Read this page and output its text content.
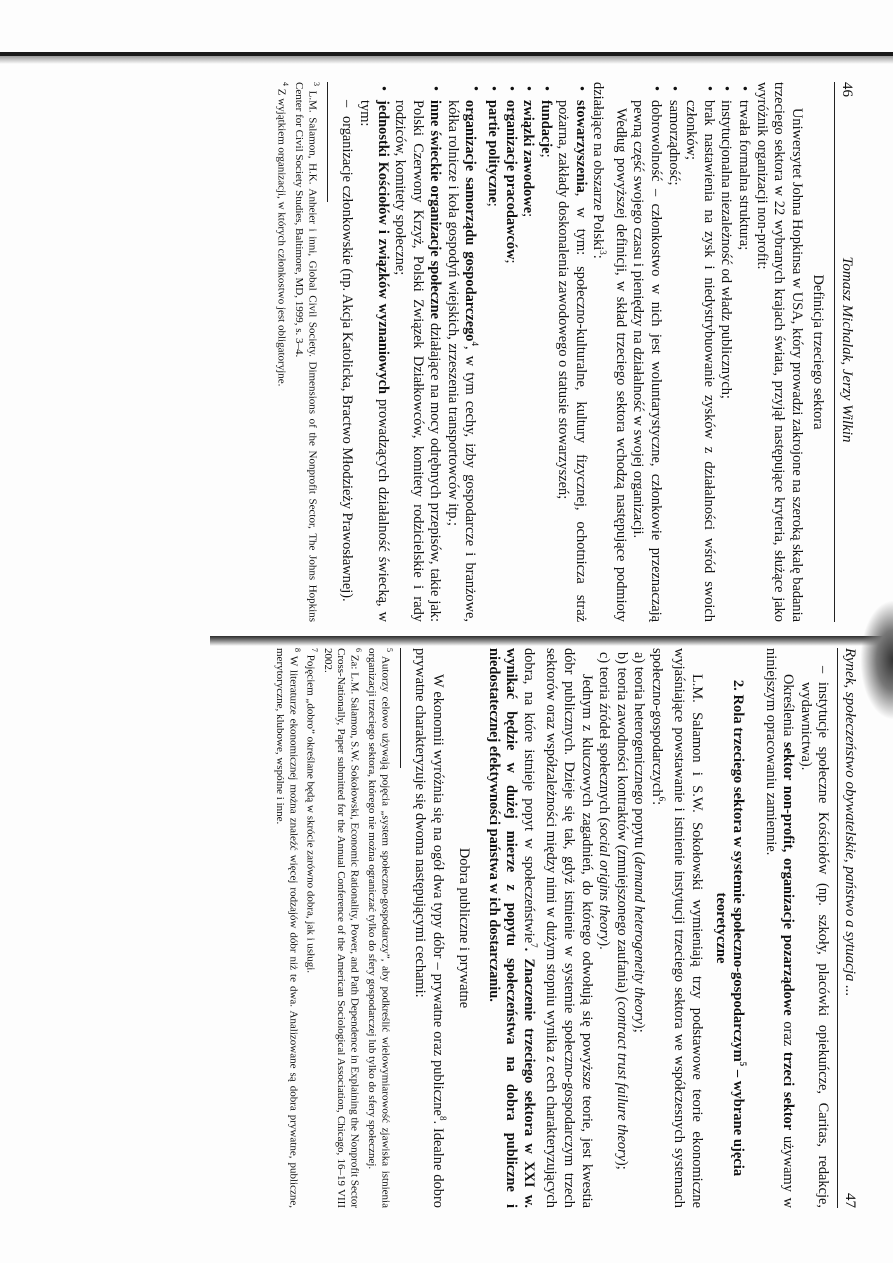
46
Tomasz Michalak, Jerzy Wilkin
Definicja trzeciego sektora

Uniwersytet Johna Hopkinsa w USA, który prowadzi zakrojone na szeroką skalę badania trzeciego sektora w 22 wybranych krajach świata, przyjął następujące kryteria, służące jako wyróżnik organizacji non-profit:

• trwała formalna struktura;
• instytucjonalna niezależność od władz publicznych;
• brak nastawienia na zysk i niedystrybuowanie zysków z działalności wśród swoich członków;
• samorządność;
• dobrowolność – członkostwo w nich jest woluntarystyczne, członkowie przeznaczają pewną część swojego czasu i pieniędzy na działalność w swojej organizacji.

Według powyższej definicji, w skład trzeciego sektora wchodzą następujące podmioty działające na obszarze Polski$^3$:

• stowarzyszenia, w tym: społeczno-kulturalne, kultury fizycznej, ochotnicza straż pożarna, zakłady doskonalenia zawodowego o statusie stowarzyszeń;
• fundacje;
• związki zawodowe;
• organizacje pracodawców;
• partie polityczne;
• organizacje samorządu gospodarczego$^4$, w tym cechy, izby gospodarcze i branżowe, kółka rolnicze i koła gospodyń wiejskich, zrzeszenia transportowców itp.;
• inne świeckie organizacje społeczne działające na mocy odrębnych przepisów, takie jak: Polski Czerwony Krzyż, Polski Związek Działkowców, komitety rodzicielskie i rady rodziców, komitety społeczne;
• jednostki Kościołów i związków wyznaniowych prowadzących działalność świecką, w tym:
– organizacje członkowskie (np. Akcja Katolicka, Bractwo Młodzieży Prawosławnej).
$^3$ L.M. Salamon, H.K. Anheier i inni, Global Civil Society. Dimensions of the Nonprofit Sector, The Johns Hopkins Center for Civil Society Studies, Baltimore, MD, 1999, s. 3–4.
$^4$ Z wyjątkiem organizacji, w których członkostwo jest obligatoryjne.
Rynek, społeczeństwo obywatelskie, państwo a sytuacja ...
47
– instytucje społeczne Kościołów (np. szkoły, placówki opiekuńcze, Caritas, redakcje, wydawnictwa).

Określenia sektor non-profit, organizacje pozarządowe oraz trzeci sektor używamy w niniejszym opracowaniu zamiennie.

2. Rola trzeciego sektora w systemie społeczno-gospodarczym$^5$ – wybrane ujęcia teoretyczne

L.M. Salamon i S.W. Sokołowski wymieniają trzy podstawowe teorie ekonomiczne wyjaśniające powstawanie i istnienie instytucji trzeciego sektora we współczesnych systemach społeczno-gospodarczych$^6$:

a) teoria heterogenicznego popytu (demand heterogeneity theory);
b) teoria zawodności kontraktów (zmniejszonego zaufania) (contract trust failure theory);
c) teoria źródeł społecznych (social origins theory).

Jednym z kluczowych zagadnień, do którego odwołują się powyższe teorie, jest kwestia dóbr publicznych. Dzieje się tak, gdyż istnienie w systemie społeczno-gospodarczym trzech sektorów oraz współzależności między nimi w dużym stopniu wynika z cech charakteryzujących dobra, na które istnieje popyt w społeczeństwie$^7$. Znaczenie trzeciego sektora w XXI w. wynikać będzie w dużej mierze z popytu społeczeństwa na dobra publiczne i niedostatecznej efektywności państwa w ich dostarczaniu.

Dobra publiczne i prywatne

W ekonomii wyróżnia się na ogół dwa typy dóbr – prywatne oraz publiczne$^8$. Idealne dobro prywatne charakteryzuje się dwoma następującymi cechami:

$^5$ Autorzy celowo używają pojęcia „system społeczno-gospodarczy”, aby podkreślić wielowymiarowość zjawiska istnienia organizacji trzeciego sektora, którego nie można ograniczać tylko do sfery gospodarczej lub tylko do sfery społecznej.
$^6$ Za: L.M. Salamon, S.W. Sokołowski, Economic Rationality, Power, and Path Dependence in Explaining the Nonprofit Sector Cross-Nationally, Paper submitted for the Annual Conference of the American Sociological Association, Chicago, 16–19 VIII 2002.
$^7$ Pojęciem „dobro” określane będą w skrócie zarówno dobra, jak i usługi.
$^8$ W literaturze ekonomicznej można znaleźć więcej rodzajów dóbr niż te dwa. Analizowane są dobra prywatne, publiczne, merytoryczne, klubowe, wspólne i inne.
